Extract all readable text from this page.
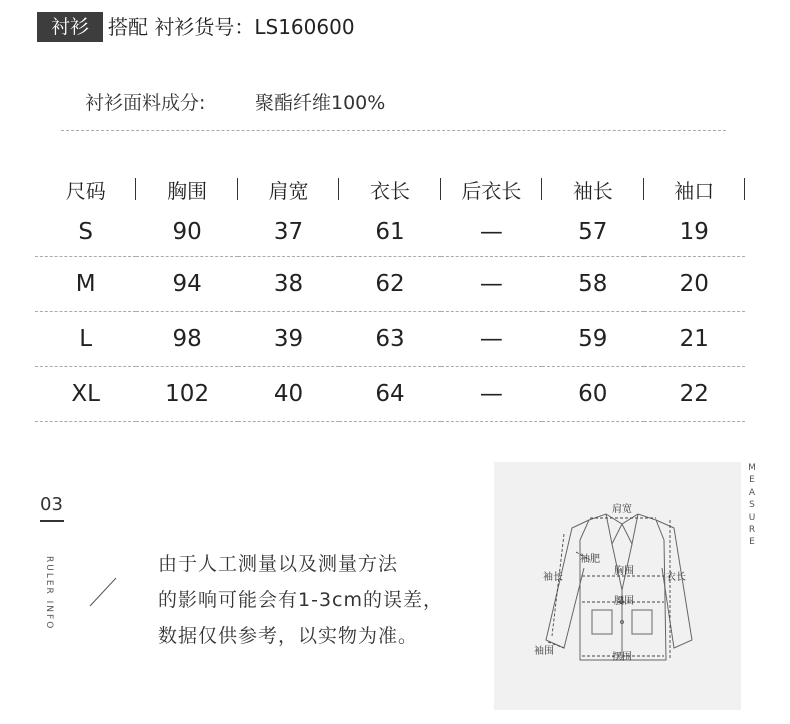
衬衫 搭配 衬衫货号：LS160600
衬衫面料成分:	聚酯纤维100%
尺码	胸围	肩宽	衣长	后衣长	袖长	袖口

S	90	37	61	—	57	19
M	94	38	62	—	58	20
L	98	39	63	—	59	21
XL	102	40	64	—	60	22
03
RULER INFO	由于人工测量以及测量方法
的影响可能会有1-3cm的误差，
数据仅供参考，以实物为准。
M
E
A
S
U
R
E
肩宽
袖肥
袖长
胸围
衣长
腰围
袖围
摆围
